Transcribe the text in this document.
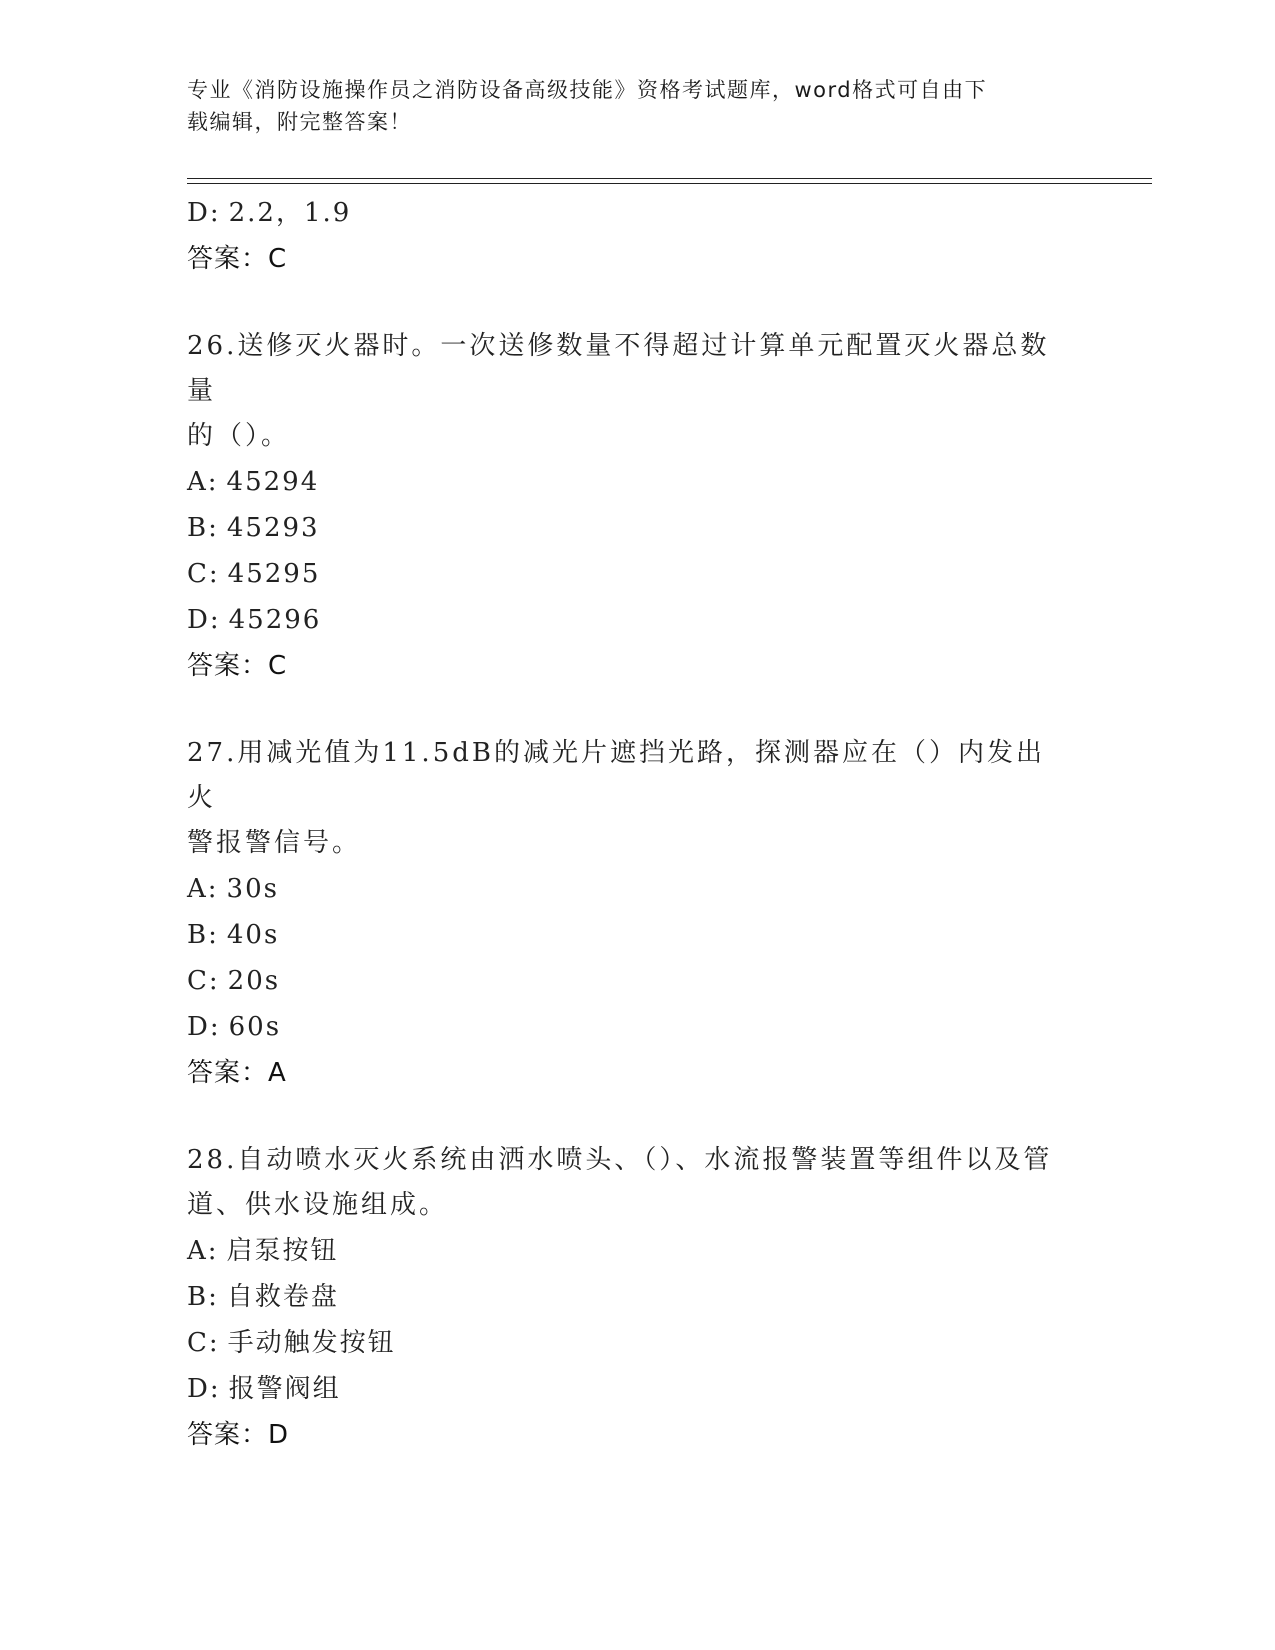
专业《消防设施操作员之消防设备高级技能》资格考试题库，word格式可自由下
载编辑，附完整答案！
D: 2.2，1.9
答案：C
26.送修灭火器时。一次送修数量不得超过计算单元配置灭火器总数量
的（）。
A: 45294
B: 45293
C: 45295
D: 45296
答案：C
27.用减光值为11.5dB的减光片遮挡光路，探测器应在（）内发出火
警报警信号。
A: 30s
B: 40s
C: 20s
D: 60s
答案：A
28.自动喷水灭火系统由洒水喷头、（）、水流报警装置等组件以及管
道、供水设施组成。
A: 启泵按钮
B: 自救卷盘
C: 手动触发按钮
D: 报警阀组
答案：D
